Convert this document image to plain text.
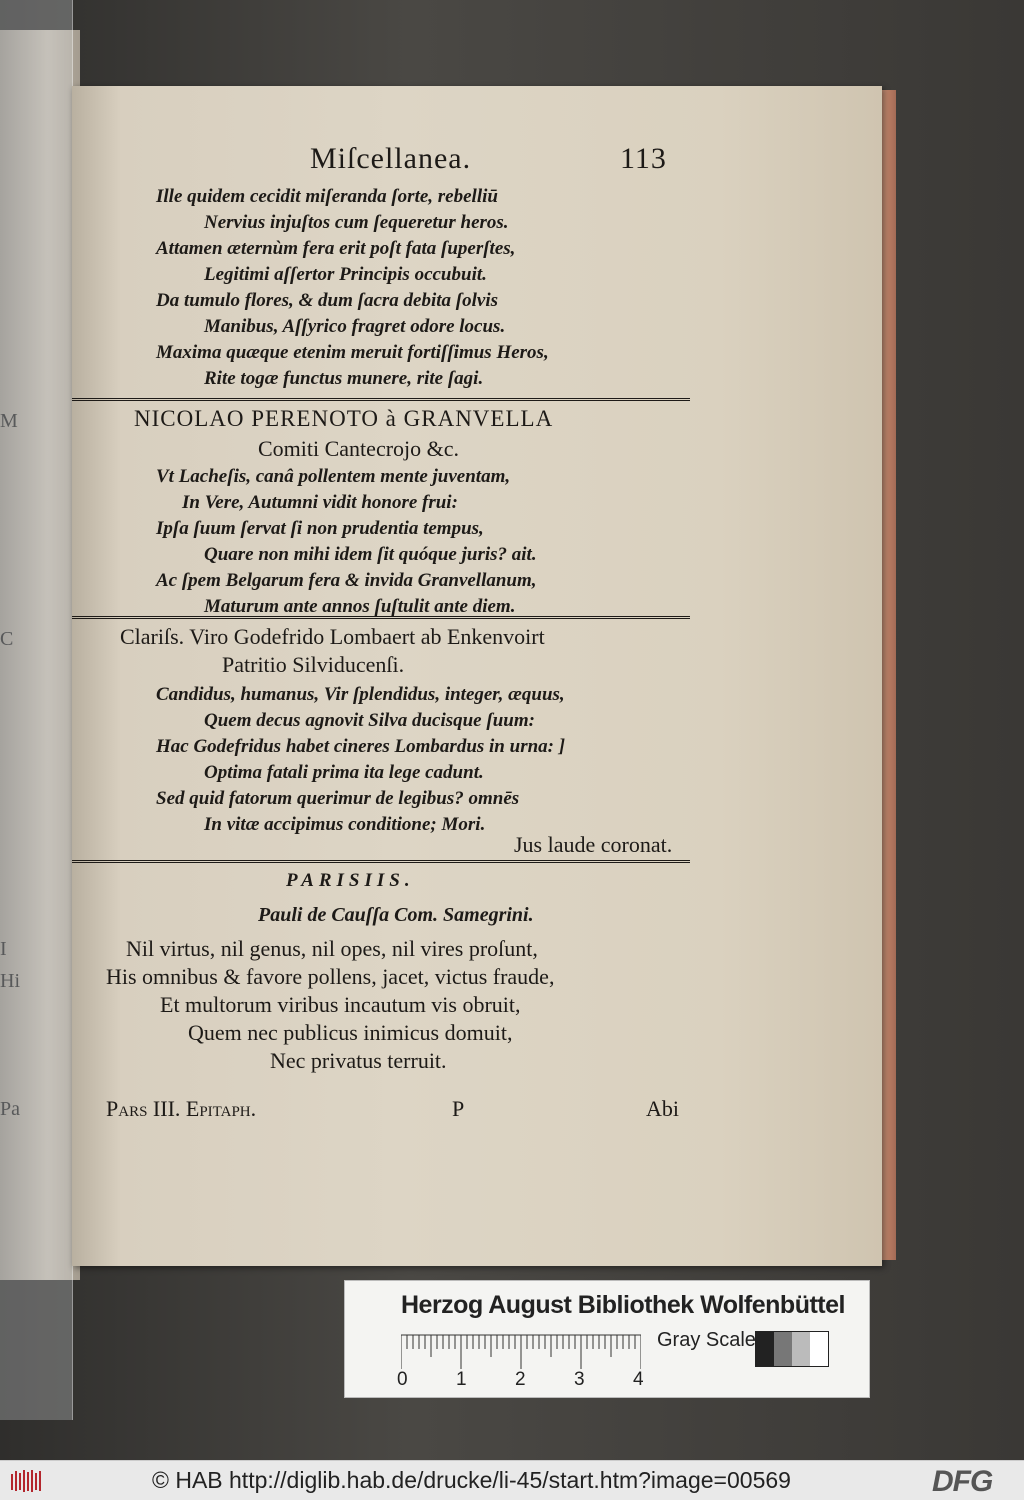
M
C
I
Hi
Pa
Miſcellanea.	113
Ille quidem cecidit miſeranda ſorte, rebelliū
Nervius injuſtos cum ſequeretur heros.
Attamen æternùm fera erit poſt fata ſuperſtes,
Legitimi aſſertor Principis occubuit.
Da tumulo flores, & dum ſacra debita ſolvis
Manibus, Aſſyrico fragret odore locus.
Maxima quæque etenim meruit fortiſſimus Heros,
Rite togæ functus munere, rite ſagi.
NICOLAO PERENOTO à GRANVELLA
Comiti Cantecrojo &c.
Vt Lacheſis, canâ pollentem mente juventam,
In Vere, Autumni vidit honore frui:
Ipſa ſuum ſervat ſi non prudentia tempus,
Quare non mihi idem ſit quóque juris? ait.
Ac ſpem Belgarum fera & invida Granvellanum,
Maturum ante annos ſuſtulit ante diem.
Clariſs. Viro Godefrido Lombaert ab Enkenvoirt
Patritio Silviducenſi.
Candidus, humanus, Vir ſplendidus, integer, æquus,
Quem decus agnovit Silva ducisque ſuum:
Hac Godefridus habet cineres Lombardus in urna: ]
Optima fatali prima ita lege cadunt.
Sed quid fatorum querimur de legibus? omnēs
In vitæ accipimus conditione; Mori.
Jus laude coronat.
PARISIIS.
Pauli de Cauſſa Com. Samegrini.
Nil virtus, nil genus, nil opes, nil vires proſunt,
His omnibus & favore pollens, jacet, victus fraude,
Et multorum viribus incautum vis obruit,
Quem nec publicus inimicus domuit,
Nec privatus terruit.
Pars III. Epitaph.	P	Abi
Herzog August Bibliothek Wolfenbüttel
0	1	2	3	4
Gray Scale
© HAB http://diglib.hab.de/drucke/li-45/start.htm?image=00569	DFG
